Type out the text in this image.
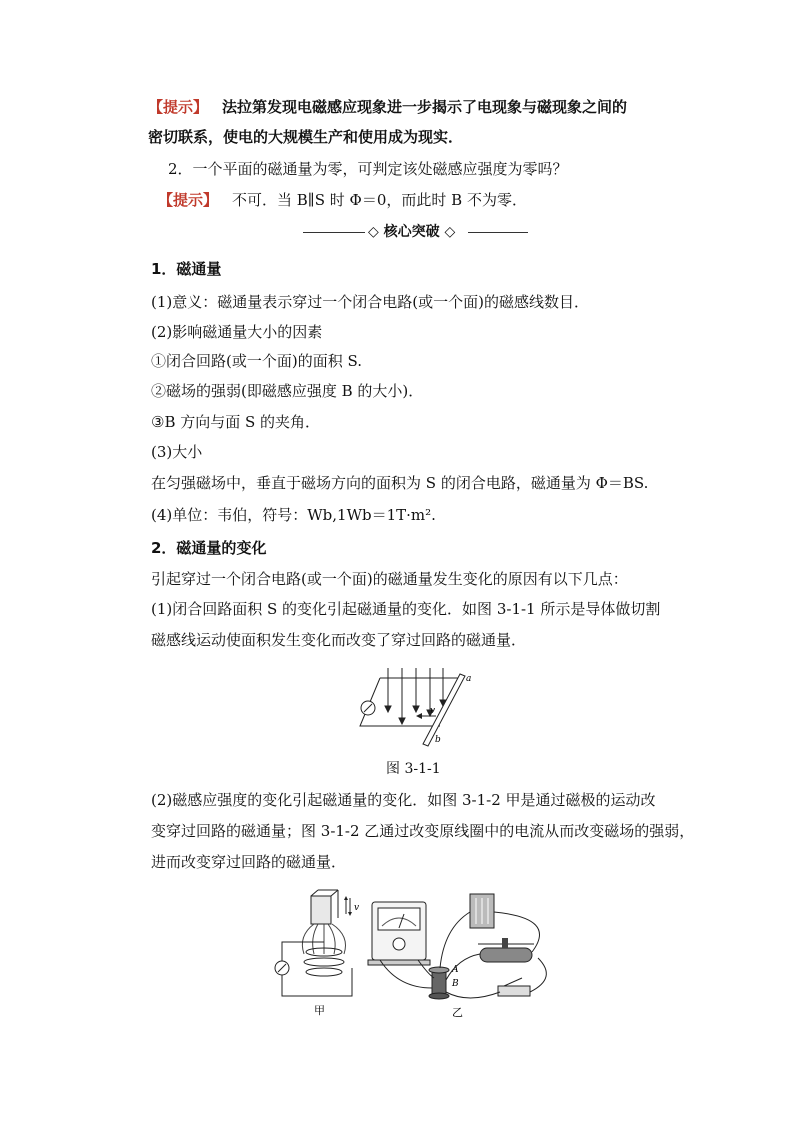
【提示】 法拉第发现电磁感应现象进一步揭示了电现象与磁现象之间的
密切联系，使电的大规模生产和使用成为现实．
2．一个平面的磁通量为零，可判定该处磁感应强度为零吗？
【提示】 不可．当 B∥S 时 Φ＝0，而此时 B 不为零．
◇ 核心突破 ◇
1．磁通量
(1)意义：磁通量表示穿过一个闭合电路(或一个面)的磁感线数目．
(2)影响磁通量大小的因素
①闭合回路(或一个面)的面积 S.
②磁场的强弱(即磁感应强度 B 的大小)．
③B 方向与面 S 的夹角．
(3)大小
在匀强磁场中，垂直于磁场方向的面积为 S 的闭合电路，磁通量为 Φ＝BS.
(4)单位：韦伯，符号：Wb,1Wb＝1T·m².
2．磁通量的变化
引起穿过一个闭合电路(或一个面)的磁通量发生变化的原因有以下几点：
(1)闭合回路面积 S 的变化引起磁通量的变化．如图 3-1-1 所示是导体做切割
磁感线运动使面积发生变化而改变了穿过回路的磁通量．
v
a
b
图 3-1-1
(2)磁感应强度的变化引起磁通量的变化．如图 3-1-2 甲是通过磁极的运动改
变穿过回路的磁通量；图 3-1-2 乙通过改变原线圈中的电流从而改变磁场的强弱，
进而改变穿过回路的磁通量．
v
甲
A
B
乙
